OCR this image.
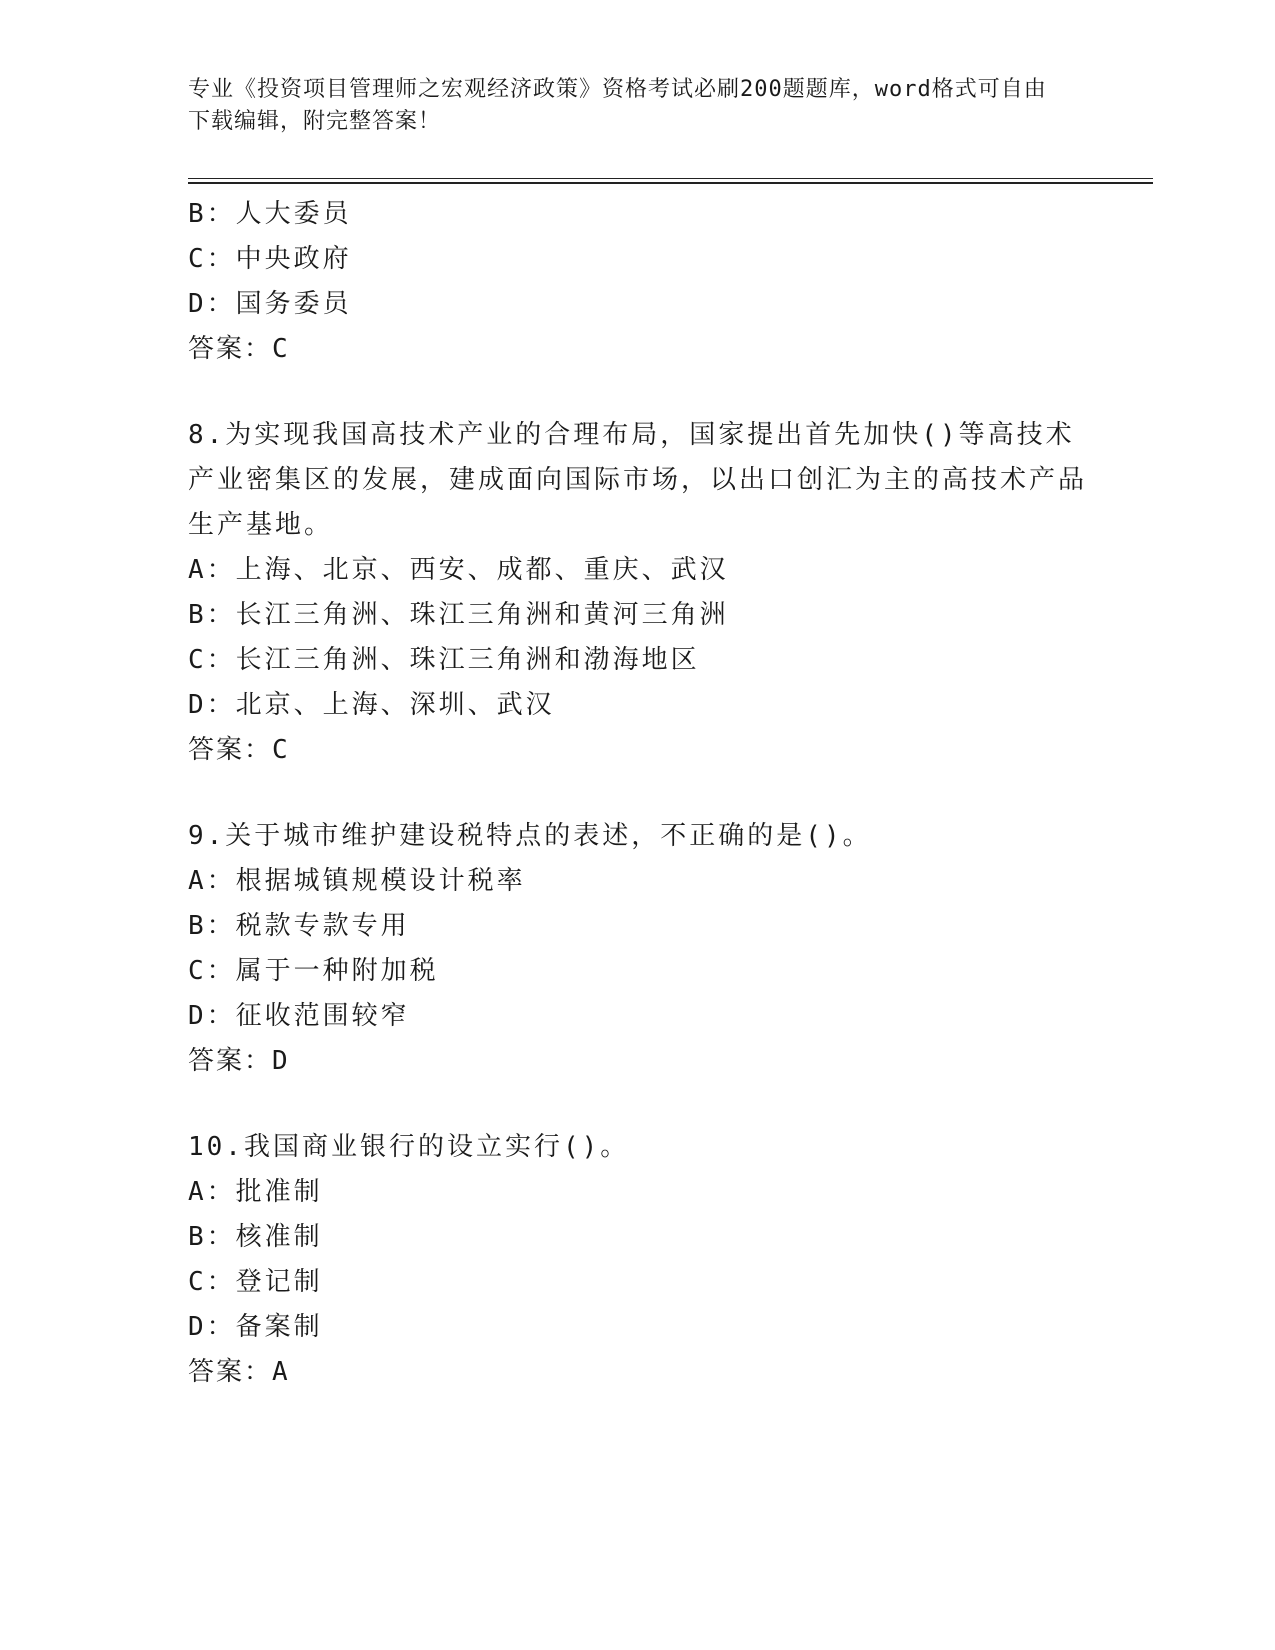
专业《投资项目管理师之宏观经济政策》资格考试必刷200题题库，word格式可自由下载编辑，附完整答案！
B：人大委员
C：中央政府
D：国务委员
答案：C
8.为实现我国高技术产业的合理布局，国家提出首先加快()等高技术产业密集区的发展，建成面向国际市场，以出口创汇为主的高技术产品生产基地。
A：上海、北京、西安、成都、重庆、武汉
B：长江三角洲、珠江三角洲和黄河三角洲
C：长江三角洲、珠江三角洲和渤海地区
D：北京、上海、深圳、武汉
答案：C
9.关于城市维护建设税特点的表述，不正确的是()。
A：根据城镇规模设计税率
B：税款专款专用
C：属于一种附加税
D：征收范围较窄
答案：D
10.我国商业银行的设立实行()。
A：批准制
B：核准制
C：登记制
D：备案制
答案：A
